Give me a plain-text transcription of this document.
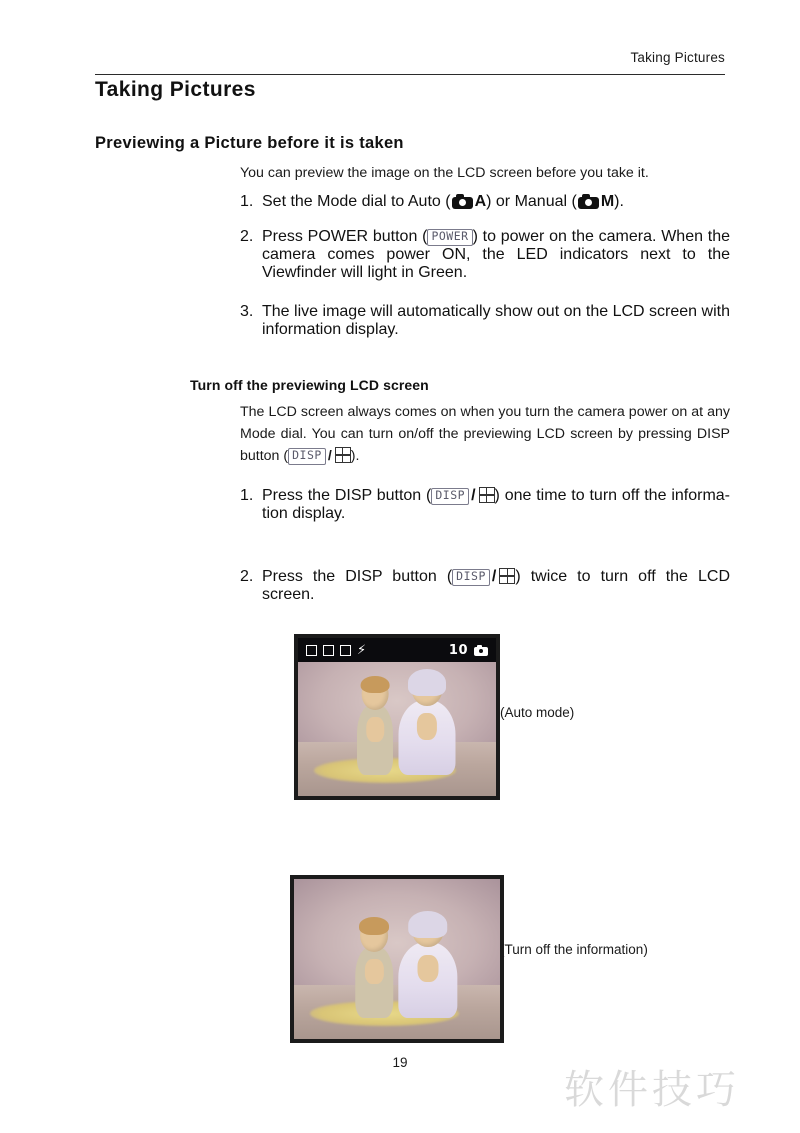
Taking Pictures
Taking Pictures
Previewing a Picture before it is taken
You can preview the image on the LCD screen before you take it.
1. Set the Mode dial to Auto ( A) or Manual ( M).
2. Press POWER button ( POWER ) to power on the camera. When the camera comes power ON, the LED indicators next to the Viewfinder will light in Green.
3. The live image will automatically show out on the LCD screen with information display.
Turn off the previewing LCD screen
The LCD screen always comes on when you turn the camera power on at any Mode dial. You can turn on/off the previewing LCD screen by pressing DISP button ( DISP / ).
1. Press the DISP button ( DISP / ) one time to turn off the informa-tion display.
2. Press the DISP button ( DISP / ) twice to turn off the LCD screen.
⚡	10
(Auto mode)
(Turn off the information)
19
软件技巧
